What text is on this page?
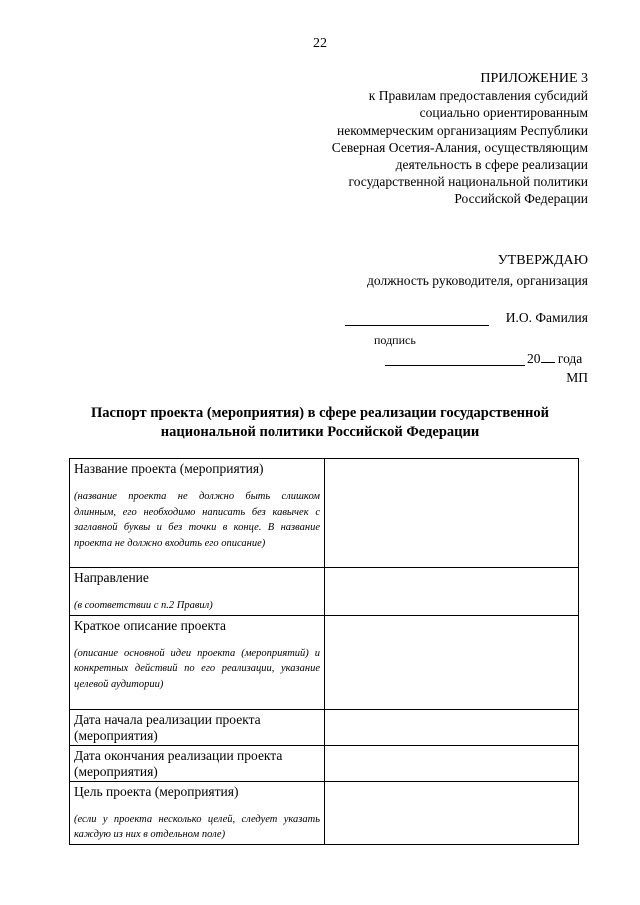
22
ПРИЛОЖЕНИЕ 3
к Правилам предоставления субсидий
социально ориентированным
некоммерческим организациям Республики
Северная Осетия-Алания, осуществляющим
деятельность в сфере реализации
государственной национальной политики
Российской Федерации
УТВЕРЖДАЮ
должность руководителя, организация
И.О. Фамилия
подпись
20 года
МП
Паспорт проекта (мероприятия) в сфере реализации государственной национальной политики Российской Федерации
Название проекта (мероприятия)
(название проекта не должно быть слишком длинным, его необходимо написать без кавычек с заглавной буквы и без точки в конце. В название проекта не должно входить его описание)	

Направление
(в соответствии с п.2 Правил)	

Краткое описание проекта
(описание основной идеи проекта (мероприятий) и конкретных действий по его реализации, указание целевой аудитории)	

Дата начала реализации проекта (мероприятия)	

Дата окончания реализации проекта (мероприятия)	

Цель проекта (мероприятия)
(если у проекта несколько целей, следует указать каждую из них в отдельном поле)	
